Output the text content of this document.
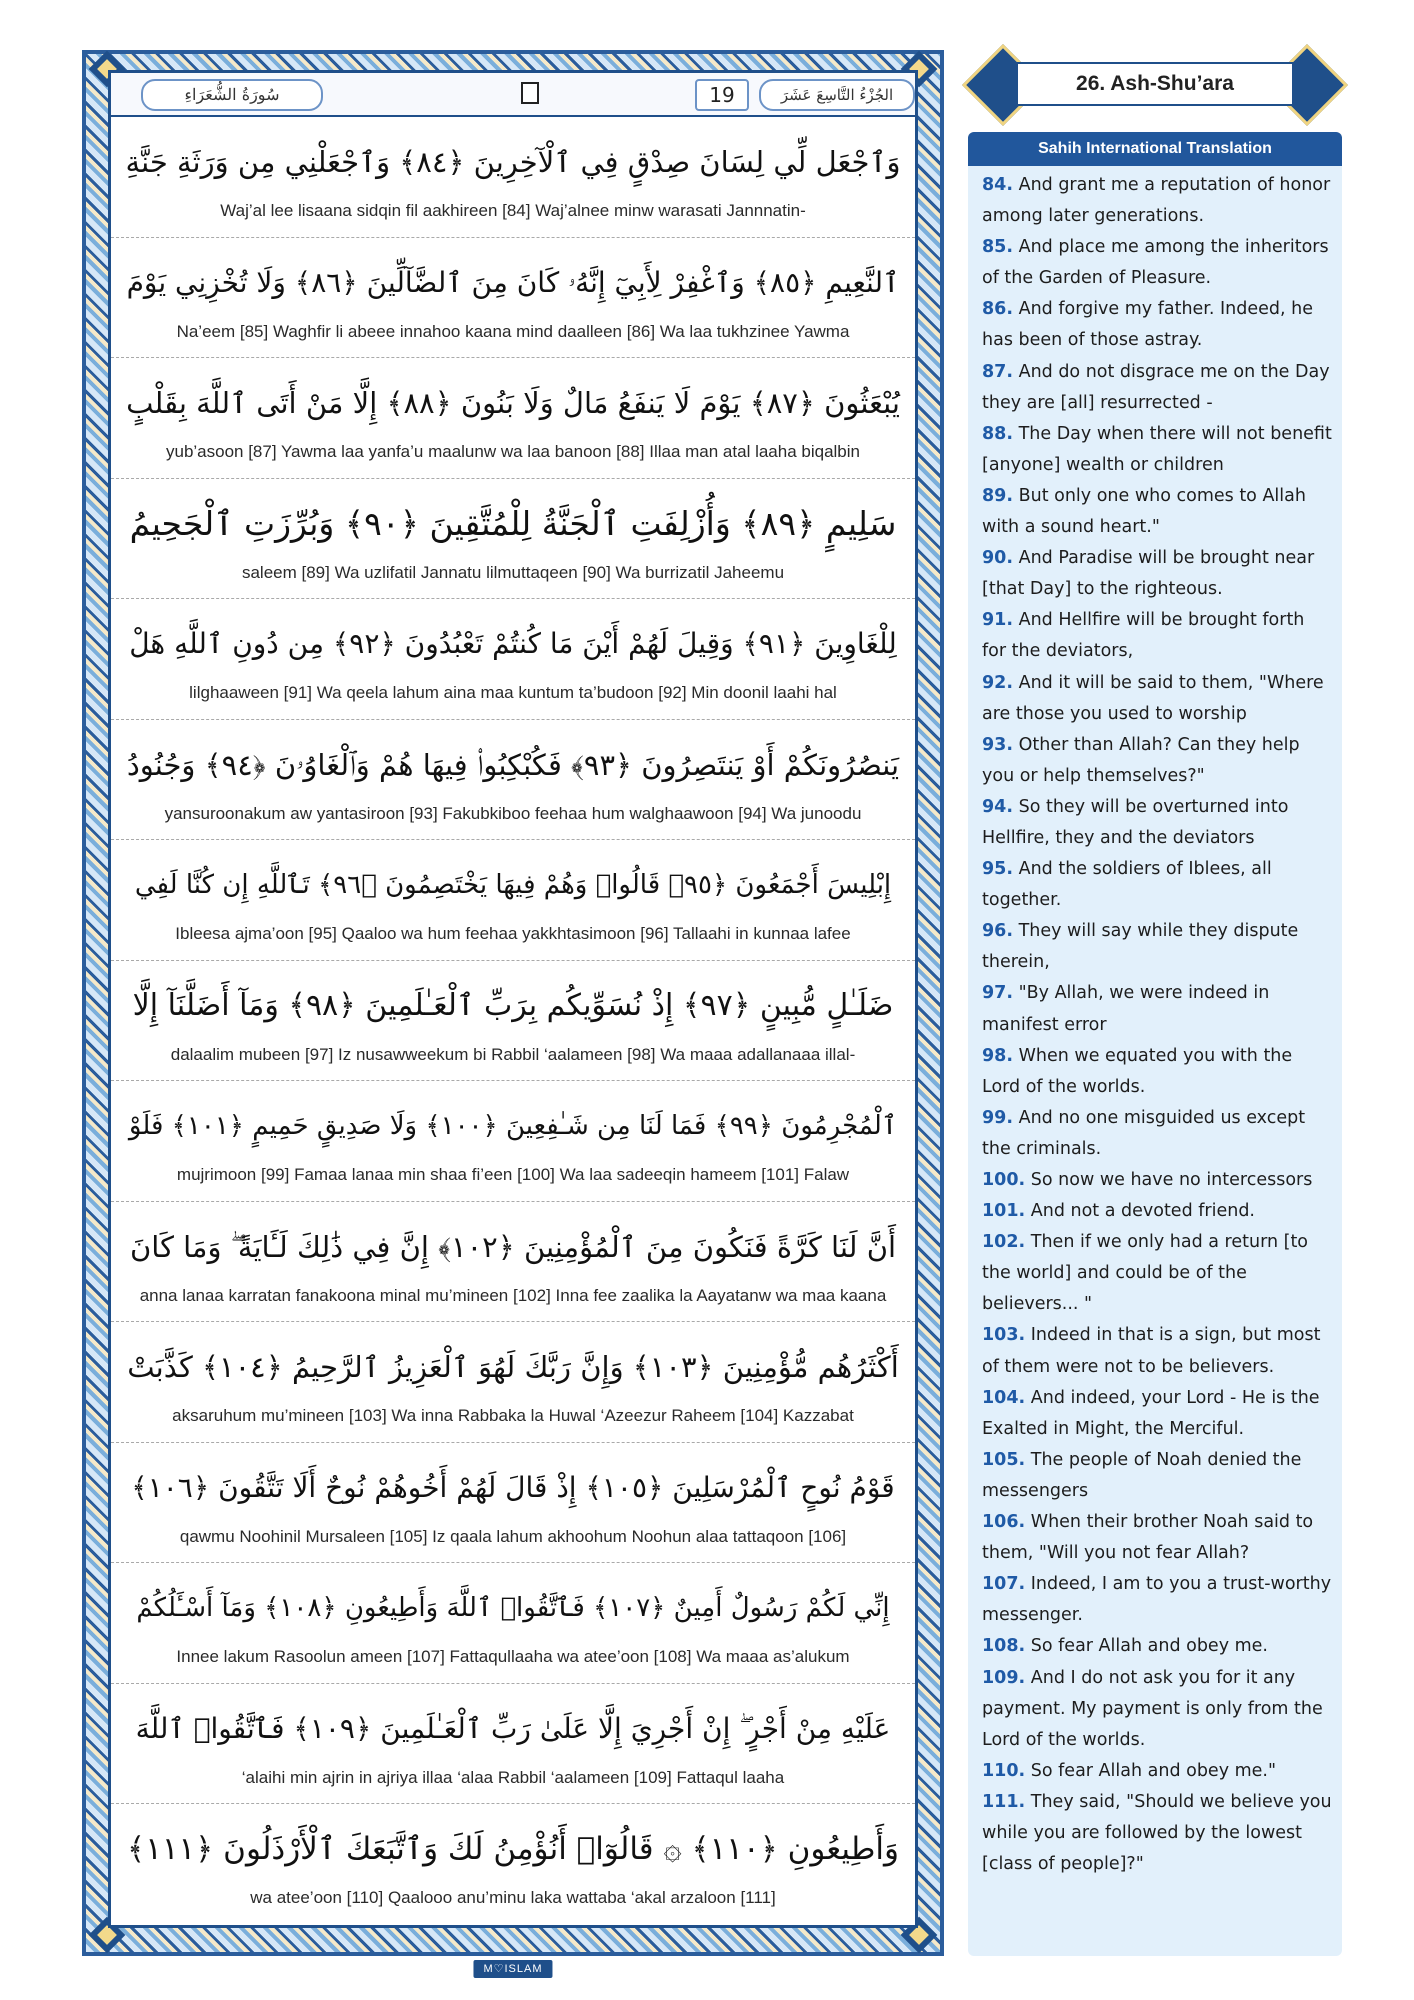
سُورَةُ الشُّعَرَاءِ	19	الجُزْءُ التَّاسِعَ عَشَرَ
وَٱجْعَل لِّي لِسَانَ صِدْقٍ فِي ٱلْآخِرِينَ ﴿٨٤﴾ وَٱجْعَلْنِي مِن وَرَثَةِ جَنَّةِ
Waj’al lee lisaana sidqin fil aakhireen [84] Waj’alnee minw warasati Jannnatin-
ٱلنَّعِيمِ ﴿٨٥﴾ وَٱغْفِرْ لِأَبِيٓ إِنَّهُۥ كَانَ مِنَ ٱلضَّآلِّينَ ﴿٨٦﴾ وَلَا تُخْزِنِي يَوْمَ
Na’eem [85] Waghfir li abeee innahoo kaana mind daalleen [86] Wa laa tukhzinee Yawma
يُبْعَثُونَ ﴿٨٧﴾ يَوْمَ لَا يَنفَعُ مَالٌ وَلَا بَنُونَ ﴿٨٨﴾ إِلَّا مَنْ أَتَى ٱللَّهَ بِقَلْبٍ
yub’asoon [87] Yawma laa yanfa’u maalunw wa laa banoon [88] Illaa man atal laaha biqalbin
سَلِيمٍ ﴿٨٩﴾ وَأُزْلِفَتِ ٱلْجَنَّةُ لِلْمُتَّقِينَ ﴿٩٠﴾ وَبُرِّزَتِ ٱلْجَحِيمُ
saleem [89] Wa uzlifatil Jannatu lilmuttaqeen [90] Wa burrizatil Jaheemu
لِلْغَاوِينَ ﴿٩١﴾ وَقِيلَ لَهُمْ أَيْنَ مَا كُنتُمْ تَعْبُدُونَ ﴿٩٢﴾ مِن دُونِ ٱللَّهِ هَلْ
lilghaaween [91] Wa qeela lahum aina maa kuntum ta’budoon [92] Min doonil laahi hal
يَنصُرُونَكُمْ أَوْ يَنتَصِرُونَ ﴿٩٣﴾ فَكُبْكِبُوا۟ فِيهَا هُمْ وَٱلْغَاوُۥنَ ﴿٩٤﴾ وَجُنُودُ
yansuroonakum aw yantasiroon [93] Fakubkiboo feehaa hum walghaawoon [94] Wa junoodu
إِبْلِيسَ أَجْمَعُونَ ﴿٩٥﴾ قَالُوا۟ وَهُمْ فِيهَا يَخْتَصِمُونَ ﴿٩٦﴾ تَٱللَّهِ إِن كُنَّا لَفِي
Ibleesa ajma’oon [95] Qaaloo wa hum feehaa yakkhtasimoon [96] Tallaahi in kunnaa lafee
ضَلَـٰلٍ مُّبِينٍ ﴿٩٧﴾ إِذْ نُسَوِّيكُم بِرَبِّ ٱلْعَـٰلَمِينَ ﴿٩٨﴾ وَمَآ أَضَلَّنَآ إِلَّا
dalaalim mubeen [97] Iz nusawweekum bi Rabbil ‘aalameen [98] Wa maaa adallanaaa illal-
ٱلْمُجْرِمُونَ ﴿٩٩﴾ فَمَا لَنَا مِن شَـٰفِعِينَ ﴿١٠٠﴾ وَلَا صَدِيقٍ حَمِيمٍ ﴿١٠١﴾ فَلَوْ
mujrimoon [99] Famaa lanaa min shaa fi’een [100] Wa laa sadeeqin hameem [101] Falaw
أَنَّ لَنَا كَرَّةً فَنَكُونَ مِنَ ٱلْمُؤْمِنِينَ ﴿١٠٢﴾ إِنَّ فِي ذَٰلِكَ لَـَٔايَةً ۖ وَمَا كَانَ
anna lanaa karratan fanakoona minal mu’mineen [102] Inna fee zaalika la Aayatanw wa maa kaana
أَكْثَرُهُم مُّؤْمِنِينَ ﴿١٠٣﴾ وَإِنَّ رَبَّكَ لَهُوَ ٱلْعَزِيزُ ٱلرَّحِيمُ ﴿١٠٤﴾ كَذَّبَتْ
aksaruhum mu’mineen [103] Wa inna Rabbaka la Huwal ‘Azeezur Raheem [104] Kazzabat
قَوْمُ نُوحٍ ٱلْمُرْسَلِينَ ﴿١٠٥﴾ إِذْ قَالَ لَهُمْ أَخُوهُمْ نُوحٌ أَلَا تَتَّقُونَ ﴿١٠٦﴾
qawmu Noohinil Mursaleen [105] Iz qaala lahum akhoohum Noohun alaa tattaqoon [106]
إِنِّي لَكُمْ رَسُولٌ أَمِينٌ ﴿١٠٧﴾ فَٱتَّقُوا۟ ٱللَّهَ وَأَطِيعُونِ ﴿١٠٨﴾ وَمَآ أَسْـَٔلُكُمْ
Innee lakum Rasoolun ameen [107] Fattaqullaaha wa atee’oon [108] Wa maaa as’alukum
عَلَيْهِ مِنْ أَجْرٍ ۖ إِنْ أَجْرِيَ إِلَّا عَلَىٰ رَبِّ ٱلْعَـٰلَمِينَ ﴿١٠٩﴾ فَٱتَّقُوا۟ ٱللَّهَ
‘alaihi min ajrin in ajriya illaa ‘alaa Rabbil ‘aalameen [109] Fattaqul laaha
وَأَطِيعُونِ ﴿١١٠﴾ ۞ قَالُوٓا۟ أَنُؤْمِنُ لَكَ وَٱتَّبَعَكَ ٱلْأَرْذَلُونَ ﴿١١١﴾
wa atee’oon [110] Qaalooo anu’minu laka wattaba ‘akal arzaloon [111]
M♡ISLAM
26. Ash-Shu’ara
Sahih International Translation
84. And grant me a reputation of honor among later generations.
85. And place me among the inheritors of the Garden of Pleasure.
86. And forgive my father. Indeed, he has been of those astray.
87. And do not disgrace me on the Day they are [all] resurrected -
88. The Day when there will not benefit [anyone] wealth or children
89. But only one who comes to Allah with a sound heart."
90. And Paradise will be brought near [that Day] to the righteous.
91. And Hellfire will be brought forth for the deviators,
92. And it will be said to them, "Where are those you used to worship
93. Other than Allah? Can they help you or help themselves?"
94. So they will be overturned into Hellfire, they and the deviators
95. And the soldiers of Iblees, all together.
96. They will say while they dispute therein,
97. "By Allah, we were indeed in manifest error
98. When we equated you with the Lord of the worlds.
99. And no one misguided us except the criminals.
100. So now we have no intercessors
101. And not a devoted friend.
102. Then if we only had a return [to the world] and could be of the believers... "
103. Indeed in that is a sign, but most of them were not to be believers.
104. And indeed, your Lord - He is the Exalted in Might, the Merciful.
105. The people of Noah denied the messengers
106. When their brother Noah said to them, "Will you not fear Allah?
107. Indeed, I am to you a trust-worthy messenger.
108. So fear Allah and obey me.
109. And I do not ask you for it any payment. My payment is only from the Lord of the worlds.
110. So fear Allah and obey me."
111. They said, "Should we believe you while you are followed by the lowest [class of people]?"
